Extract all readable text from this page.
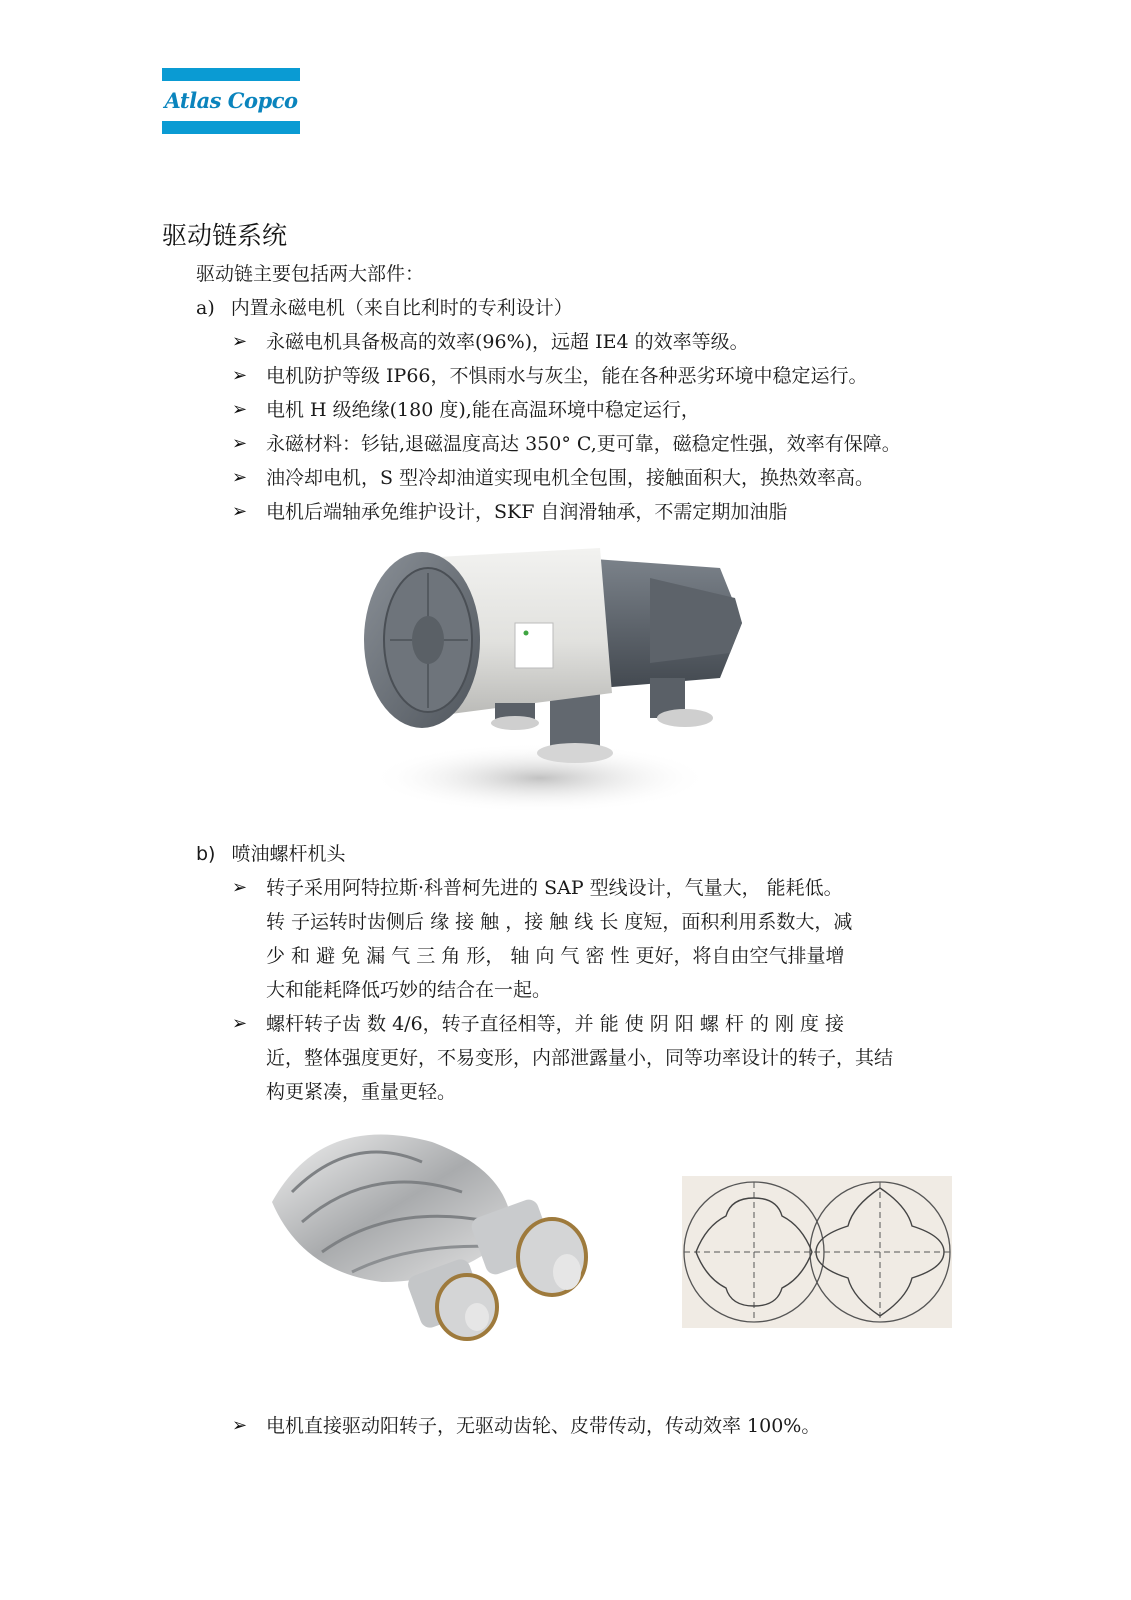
Atlas Copco
驱动链系统
驱动链主要包括两大部件：
a) 内置永磁电机（来自比利时的专利设计）
➢ 永磁电机具备极高的效率(96%)，远超 IE4 的效率等级。
➢ 电机防护等级 IP66，不惧雨水与灰尘，能在各种恶劣环境中稳定运行。
➢ 电机 H 级绝缘(180 度),能在高温环境中稳定运行，
➢ 永磁材料：钐钴,退磁温度高达 350° C,更可靠，磁稳定性强，效率有保障。
➢ 油冷却电机，S 型冷却油道实现电机全包围，接触面积大，换热效率高。
➢ 电机后端轴承免维护设计，SKF 自润滑轴承，不需定期加油脂
b) 喷油螺杆机头
➢ 转子采用阿特拉斯·科普柯先进的 SAP 型线设计，气量大， 能耗低。
转 子运转时齿侧后 缘 接 触 ，接 触 线 长 度短，面积利用系数大，减
少 和 避 免 漏 气 三 角 形， 轴 向 气 密 性 更好，将自由空气排量增
大和能耗降低巧妙的结合在一起。
➢ 螺杆转子齿 数 4/6，转子直径相等，并 能 使 阴 阳 螺 杆 的 刚 度 接
近，整体强度更好，不易变形，内部泄露量小，同等功率设计的转子，其结
构更紧凑，重量更轻。
➢ 电机直接驱动阳转子，无驱动齿轮、皮带传动，传动效率 100%。
